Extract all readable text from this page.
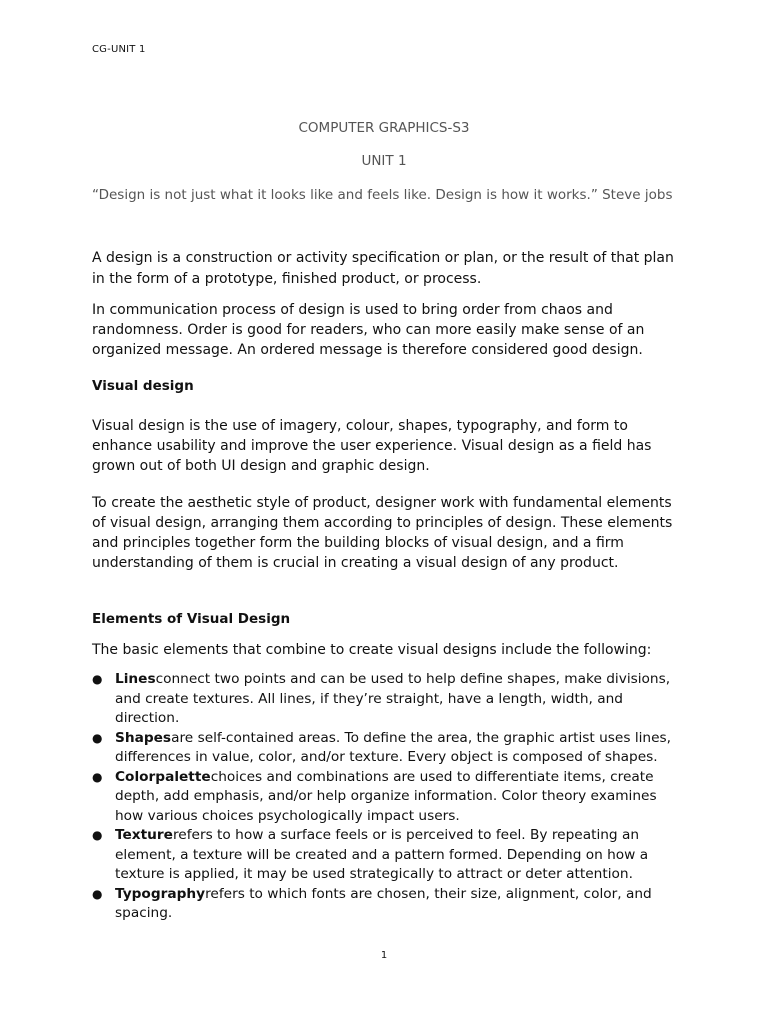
CG-UNIT 1
COMPUTER GRAPHICS-S3
UNIT 1
“Design is not just what it looks like and feels like. Design is how it works.” Steve jobs
A design is a construction or activity specification or plan, or the result of that plan in the form of a prototype, finished product, or process.
In communication process of design is used to bring order from chaos and randomness. Order is good for readers, who can more easily make sense of an organized message. An ordered message is therefore considered good design.
Visual design
Visual design is the use of imagery, colour, shapes, typography, and form to enhance usability and improve the user experience. Visual design as a field has grown out of both UI design and graphic design.
To create the aesthetic style of product, designer work with fundamental elements of visual design, arranging them according to principles of design. These elements and principles together form the building blocks of visual design, and a firm understanding of them is crucial in creating a visual design of any product.
Elements of Visual Design
The basic elements that combine to create visual designs include the following:
● Linesconnect two points and can be used to help define shapes, make divisions, and create textures. All lines, if they’re straight, have a length, width, and direction.
● Shapesare self-contained areas. To define the area, the graphic artist uses lines, differences in value, color, and/or texture. Every object is composed of shapes.
● Colorpalettechoices and combinations are used to differentiate items, create depth, add emphasis, and/or help organize information. Color theory examines how various choices psychologically impact users.
● Texturerefers to how a surface feels or is perceived to feel. By repeating an element, a texture will be created and a pattern formed. Depending on how a texture is applied, it may be used strategically to attract or deter attention.
● Typographyrefers to which fonts are chosen, their size, alignment, color, and spacing.
1
